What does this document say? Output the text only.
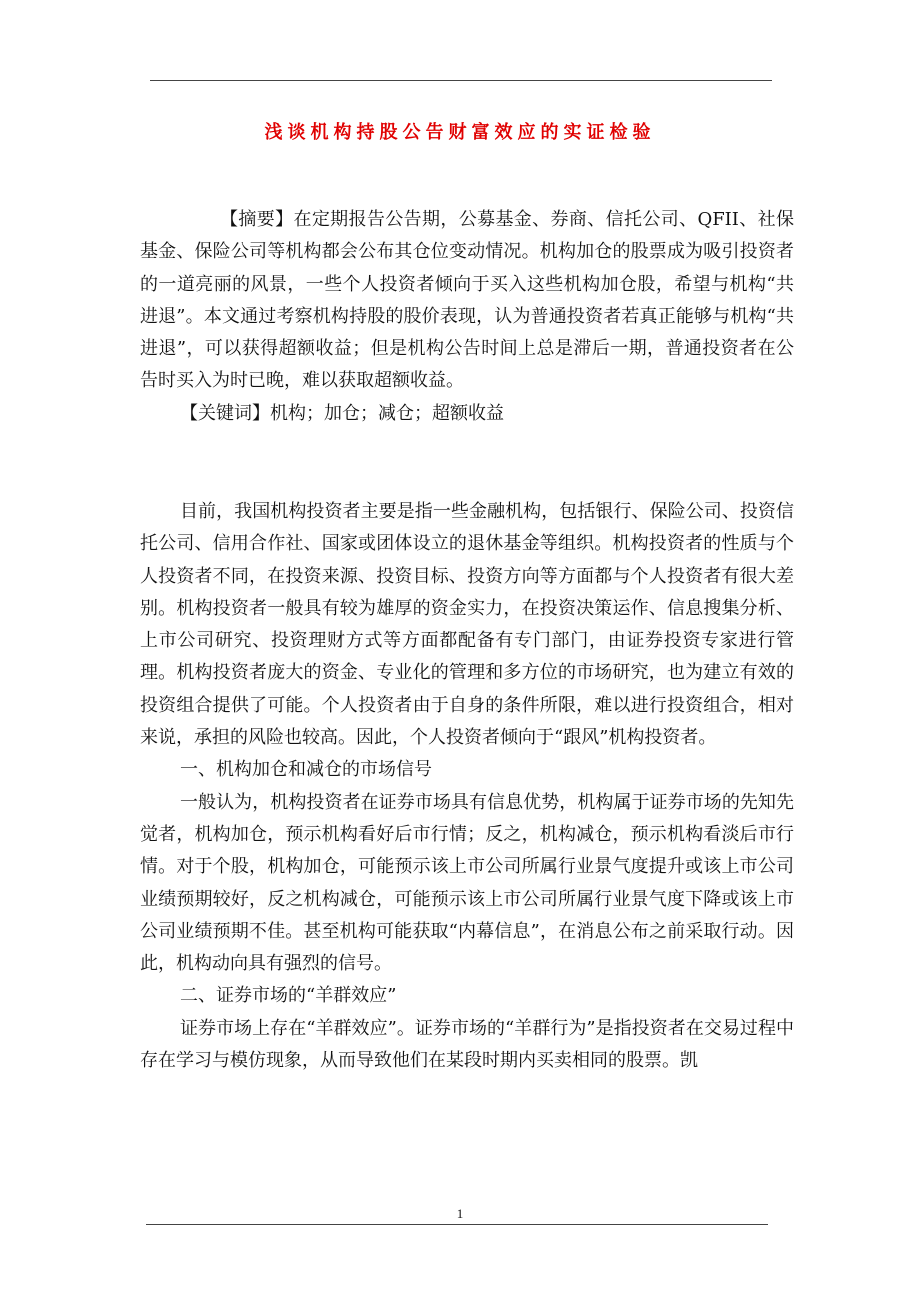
浅谈机构持股公告财富效应的实证检验

【摘要】在定期报告公告期，公募基金、券商、信托公司、QFII、社保基金、保险公司等机构都会公布其仓位变动情况。机构加仓的股票成为吸引投资者的一道亮丽的风景，一些个人投资者倾向于买入这些机构加仓股，希望与机构“共进退”。本文通过考察机构持股的股价表现，认为普通投资者若真正能够与机构“共进退”，可以获得超额收益；但是机构公告时间上总是滞后一期，普通投资者在公告时买入为时已晚，难以获取超额收益。

【关键词】机构；加仓；减仓；超额收益

目前，我国机构投资者主要是指一些金融机构，包括银行、保险公司、投资信托公司、信用合作社、国家或团体设立的退休基金等组织。机构投资者的性质与个人投资者不同，在投资来源、投资目标、投资方向等方面都与个人投资者有很大差别。机构投资者一般具有较为雄厚的资金实力，在投资决策运作、信息搜集分析、上市公司研究、投资理财方式等方面都配备有专门部门，由证券投资专家进行管理。机构投资者庞大的资金、专业化的管理和多方位的市场研究，也为建立有效的投资组合提供了可能。个人投资者由于自身的条件所限，难以进行投资组合，相对来说，承担的风险也较高。因此，个人投资者倾向于“跟风”机构投资者。

一、机构加仓和减仓的市场信号

一般认为，机构投资者在证券市场具有信息优势，机构属于证券市场的先知先觉者，机构加仓，预示机构看好后市行情；反之，机构减仓，预示机构看淡后市行情。对于个股，机构加仓，可能预示该上市公司所属行业景气度提升或该上市公司业绩预期较好，反之机构减仓，可能预示该上市公司所属行业景气度下降或该上市公司业绩预期不佳。甚至机构可能获取“内幕信息”，在消息公布之前采取行动。因此，机构动向具有强烈的信号。

二、证券市场的“羊群效应”

证券市场上存在“羊群效应”。证券市场的“羊群行为”是指投资者在交易过程中存在学习与模仿现象，从而导致他们在某段时期内买卖相同的股票。凯

1
